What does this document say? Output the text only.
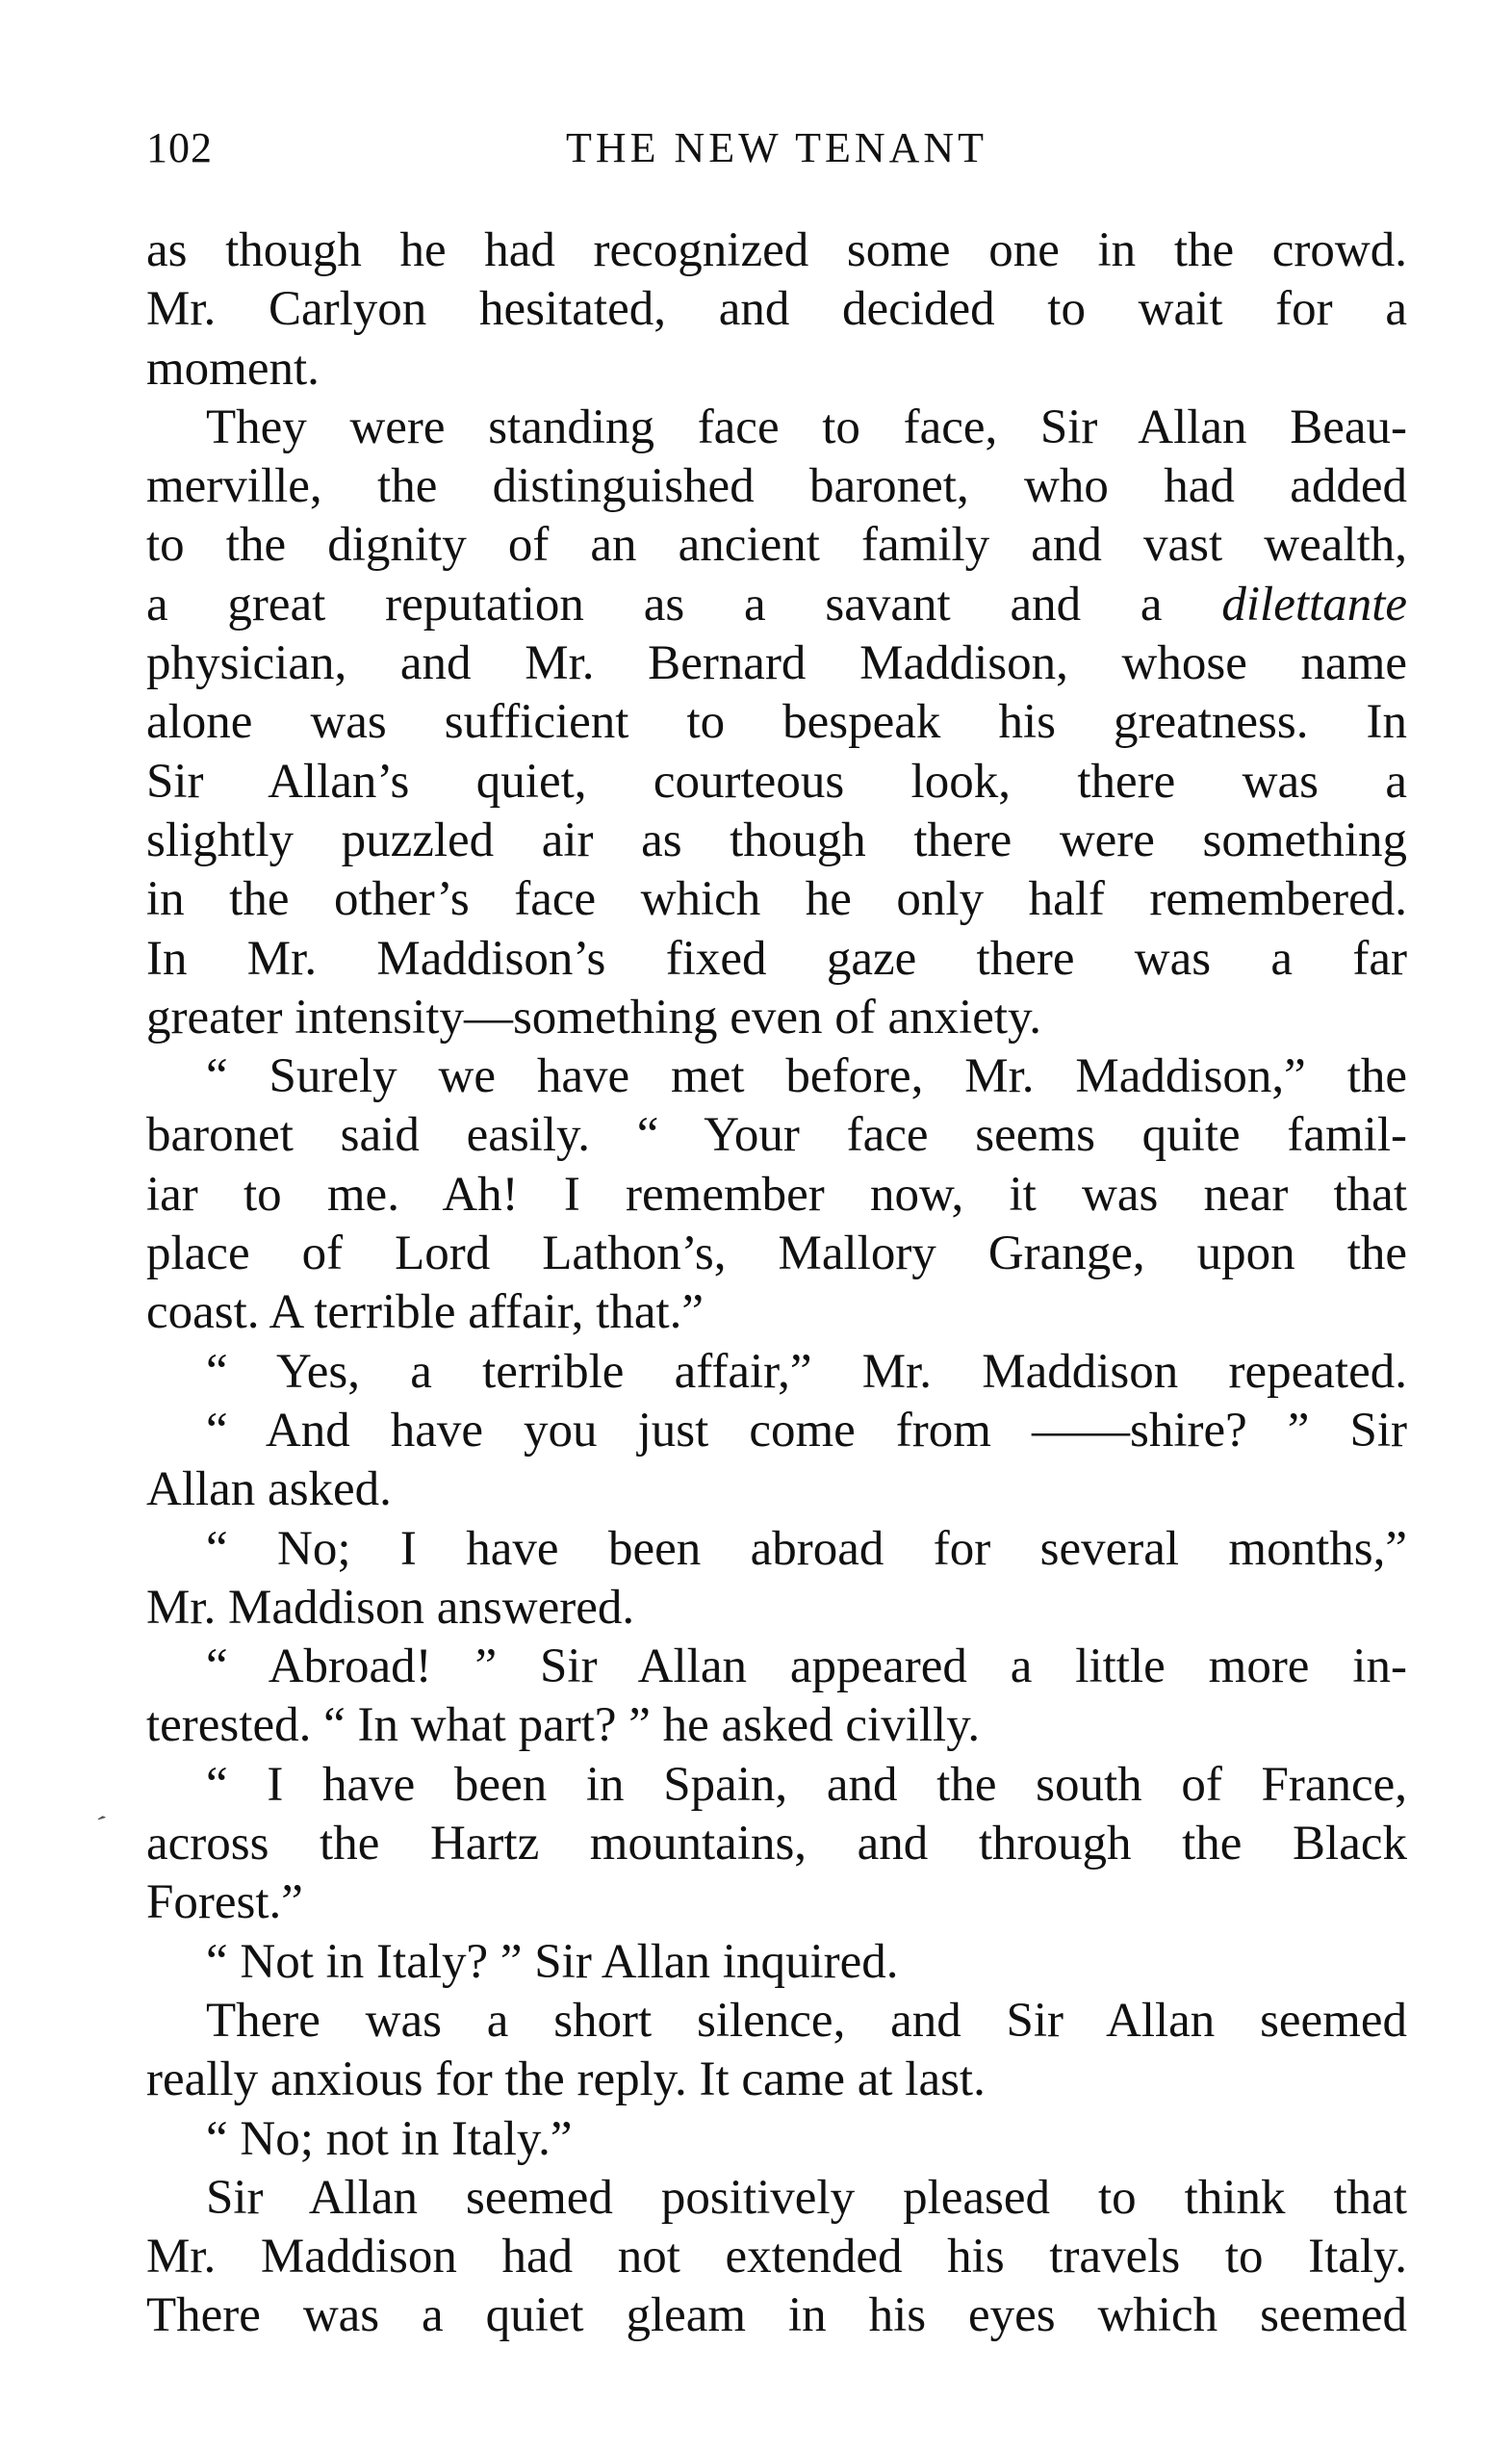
102	THE NEW TENANT
as though he had recognized some one in the crowd.
Mr. Carlyon hesitated, and decided to wait for a
moment.
They were standing face to face, Sir Allan Beau-
merville, the distinguished baronet, who had added
to the dignity of an ancient family and vast wealth,
a great reputation as a savant and a dilettante
physician, and Mr. Bernard Maddison, whose name
alone was sufficient to bespeak his greatness. In
Sir Allan’s quiet, courteous look, there was a
slightly puzzled air as though there were something
in the other’s face which he only half remembered.
In Mr. Maddison’s fixed gaze there was a far
greater intensity—something even of anxiety.
“ Surely we have met before, Mr. Maddison,” the
baronet said easily. “ Your face seems quite famil-
iar to me. Ah! I remember now, it was near that
place of Lord Lathon’s, Mallory Grange, upon the
coast. A terrible affair, that.”
“ Yes, a terrible affair,” Mr. Maddison repeated.
“ And have you just come from ——shire? ” Sir
Allan asked.
“ No; I have been abroad for several months,”
Mr. Maddison answered.
“ Abroad! ” Sir Allan appeared a little more in-
terested. “ In what part? ” he asked civilly.
“ I have been in Spain, and the south of France,
across the Hartz mountains, and through the Black
Forest.”
“ Not in Italy? ” Sir Allan inquired.
There was a short silence, and Sir Allan seemed
really anxious for the reply. It came at last.
“ No; not in Italy.”
Sir Allan seemed positively pleased to think that
Mr. Maddison had not extended his travels to Italy.
There was a quiet gleam in his eyes which seemed
ˊ
